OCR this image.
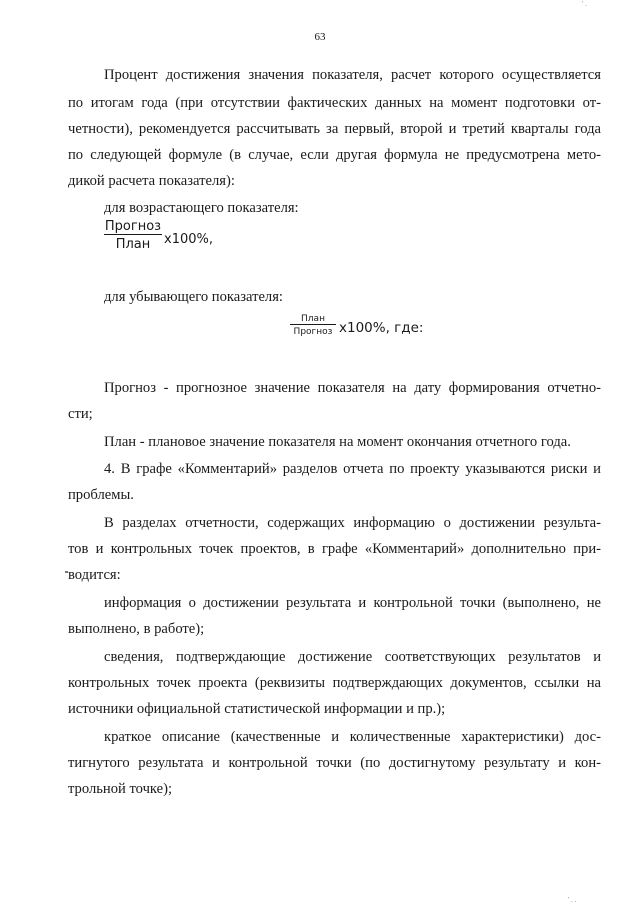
' .
' . .
63
Процент достижения значения показателя, расчет которого осуществляется
по итогам года (при отсутствии фактических данных на момент подготовки от-
четности), рекомендуется рассчитывать за первый, второй и третий кварталы года
по следующей формуле (в случае, если другая формула не предусмотрена мето-
дикой расчета показателя):
для возрастающего показателя:
Прогноз
План	x100%,
для убывающего показателя:
План
Прогноз x100%, где:
Прогноз - прогнозное значение показателя на дату формирования отчетно-
сти;
План - плановое значение показателя на момент окончания отчетного года.
4. В графе «Комментарий» разделов отчета по проекту указываются риски и
проблемы.
В разделах отчетности, содержащих информацию о достижении результа-
тов и контрольных точек проектов, в графе «Комментарий» дополнительно при-
водится:
информация о достижении результата и контрольной точки (выполнено, не
выполнено, в работе);
сведения, подтверждающие достижение соответствующих результатов и
контрольных точек проекта (реквизиты подтверждающих документов, ссылки на
источники официальной статистической информации и пр.);
краткое описание (качественные и количественные характеристики) дос-
тигнутого результата и контрольной точки (по достигнутому результату и кон-
трольной точке);
